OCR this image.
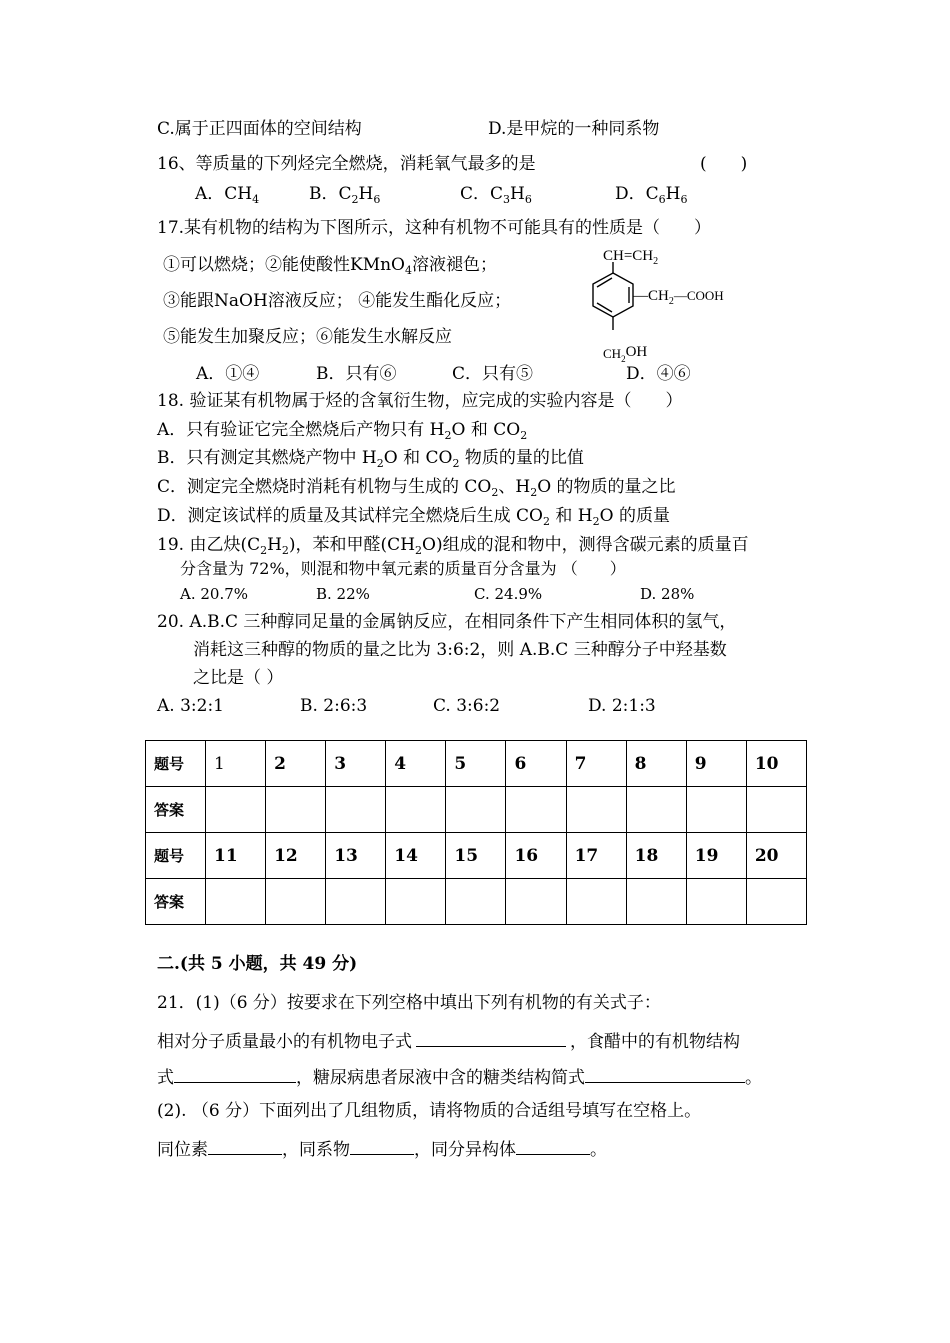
C.属于正四面体的空间结构	D.是甲烷的一种同系物
16、等质量的下列烃完全燃烧，消耗氧气最多的是	(　　)
A．$CH_4$	B．$C_2H_6$	C．$C_3H_6$	D．$C_6H_6$
17.某有机物的结构为下图所示，这种有机物不可能具有的性质是（　　）
①可以燃烧；②能使酸性KMnO$_4$溶液褪色；
③能跟NaOH溶液反应； ④能发生酯化反应；
⑤能发生加聚反应；⑥能发生水解反应
A．①④	B．只有⑥	C．只有⑤	D．④⑥
$CH=CH_2$
$—CH_2—COOH$
$CH_2OH$
18. 验证某有机物属于烃的含氧衍生物，应完成的实验内容是（　　）
A．只有验证它完全燃烧后产物只有 $H_2O$ 和 $CO_2$
B．只有测定其燃烧产物中 $H_2O$ 和 $CO_2$ 物质的量的比值
C．测定完全燃烧时消耗有机物与生成的 $CO_2$、$H_2O$ 的物质的量之比
D．测定该试样的质量及其试样完全燃烧后生成 $CO_2$ 和 $H_2O$ 的质量
19. 由乙炔$(C_2H_2)$，苯和甲醛$(CH_2O)$组成的混和物中，测得含碳元素的质量百
分含量为 72%，则混和物中氧元素的质量百分含量为 （　　）
A. 20.7%	B. 22%	C. 24.9%	D. 28%
20. A.B.C 三种醇同足量的金属钠反应，在相同条件下产生相同体积的氢气，
消耗这三种醇的物质的量之比为 3:6:2，则 A.B.C 三种醇分子中羟基数
之比是（ ）
A. 3:2:1	B. 2:6:3	C. 3:6:2	D. 2:1:3
题号	1	2	3	4	5	6	7	8	9	10
答案										
题号	11	12	13	14	15	16	17	18	19	20
答案										
二.(共 5 小题，共 49 分)
21．(1)（6 分）按要求在下列空格中填出下列有机物的有关式子：
相对分子质量最小的有机物电子式	，食醋中的有机物结构
式	，糖尿病患者尿液中含的糖类结构简式	。
(2). （6 分）下面列出了几组物质，请将物质的合适组号填写在空格上。
同位素	，同系物	，同分异构体	。
